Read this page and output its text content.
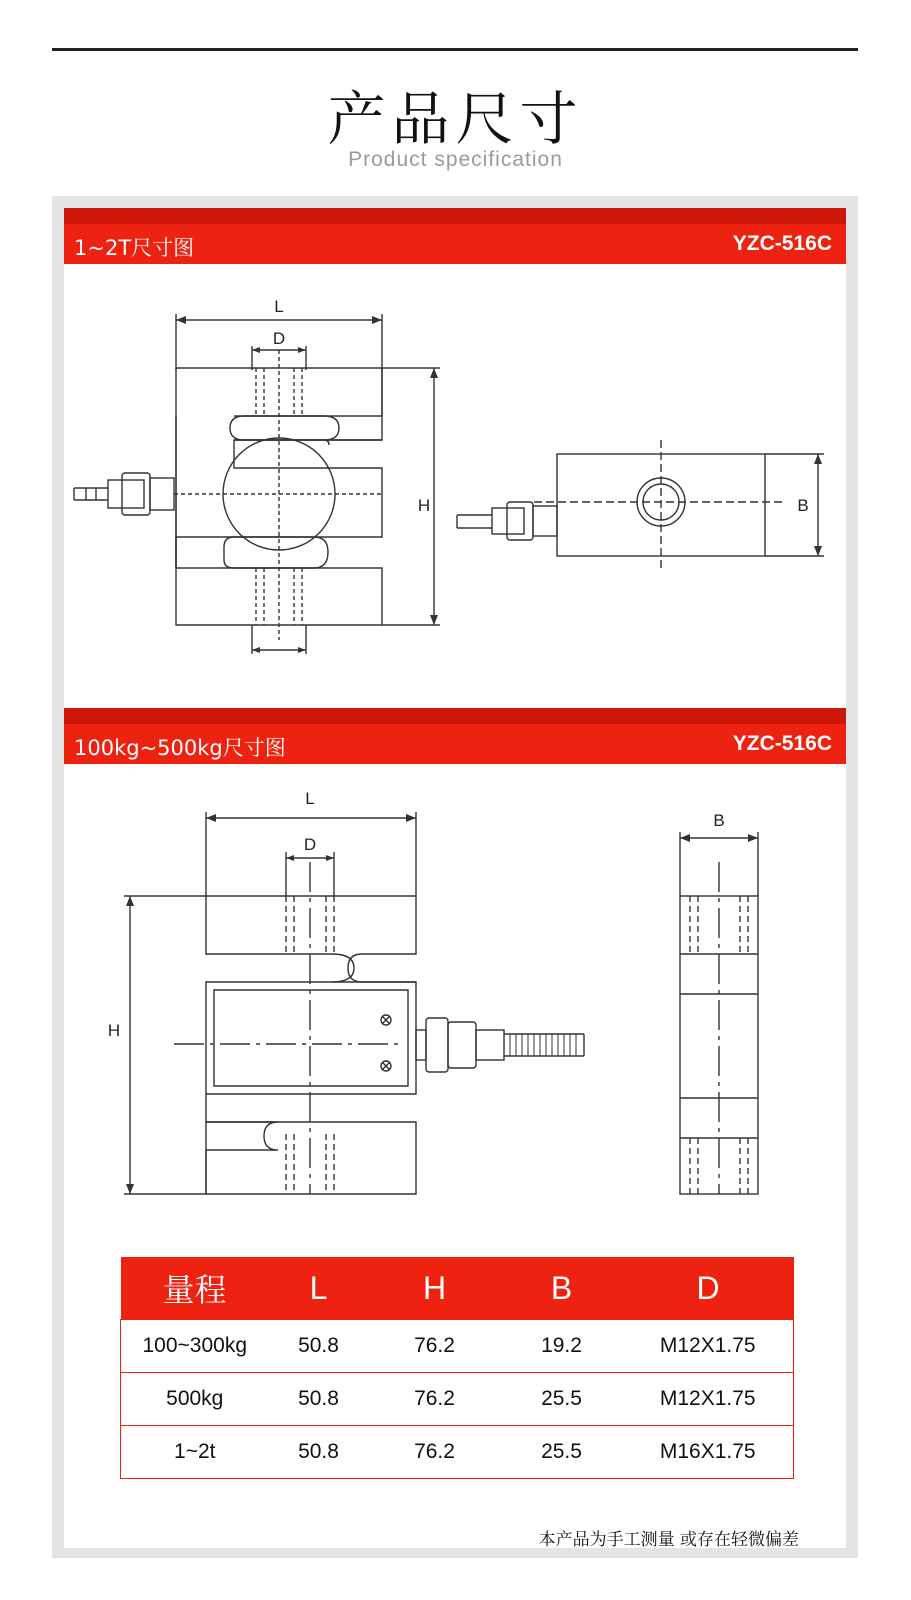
产品尺寸
Product specification
1~2T尺寸图	YZC-516C
100kg~500kg尺寸图	YZC-516C
L
D
H	B
L
D
H
B
量程	L	H	B	D
100~300kg	50.8	76.2	19.2	M12X1.75
500kg	50.8	76.2	25.5	M12X1.75
1~2t	50.8	76.2	25.5	M16X1.75
本产品为手工测量 或存在轻微偏差
